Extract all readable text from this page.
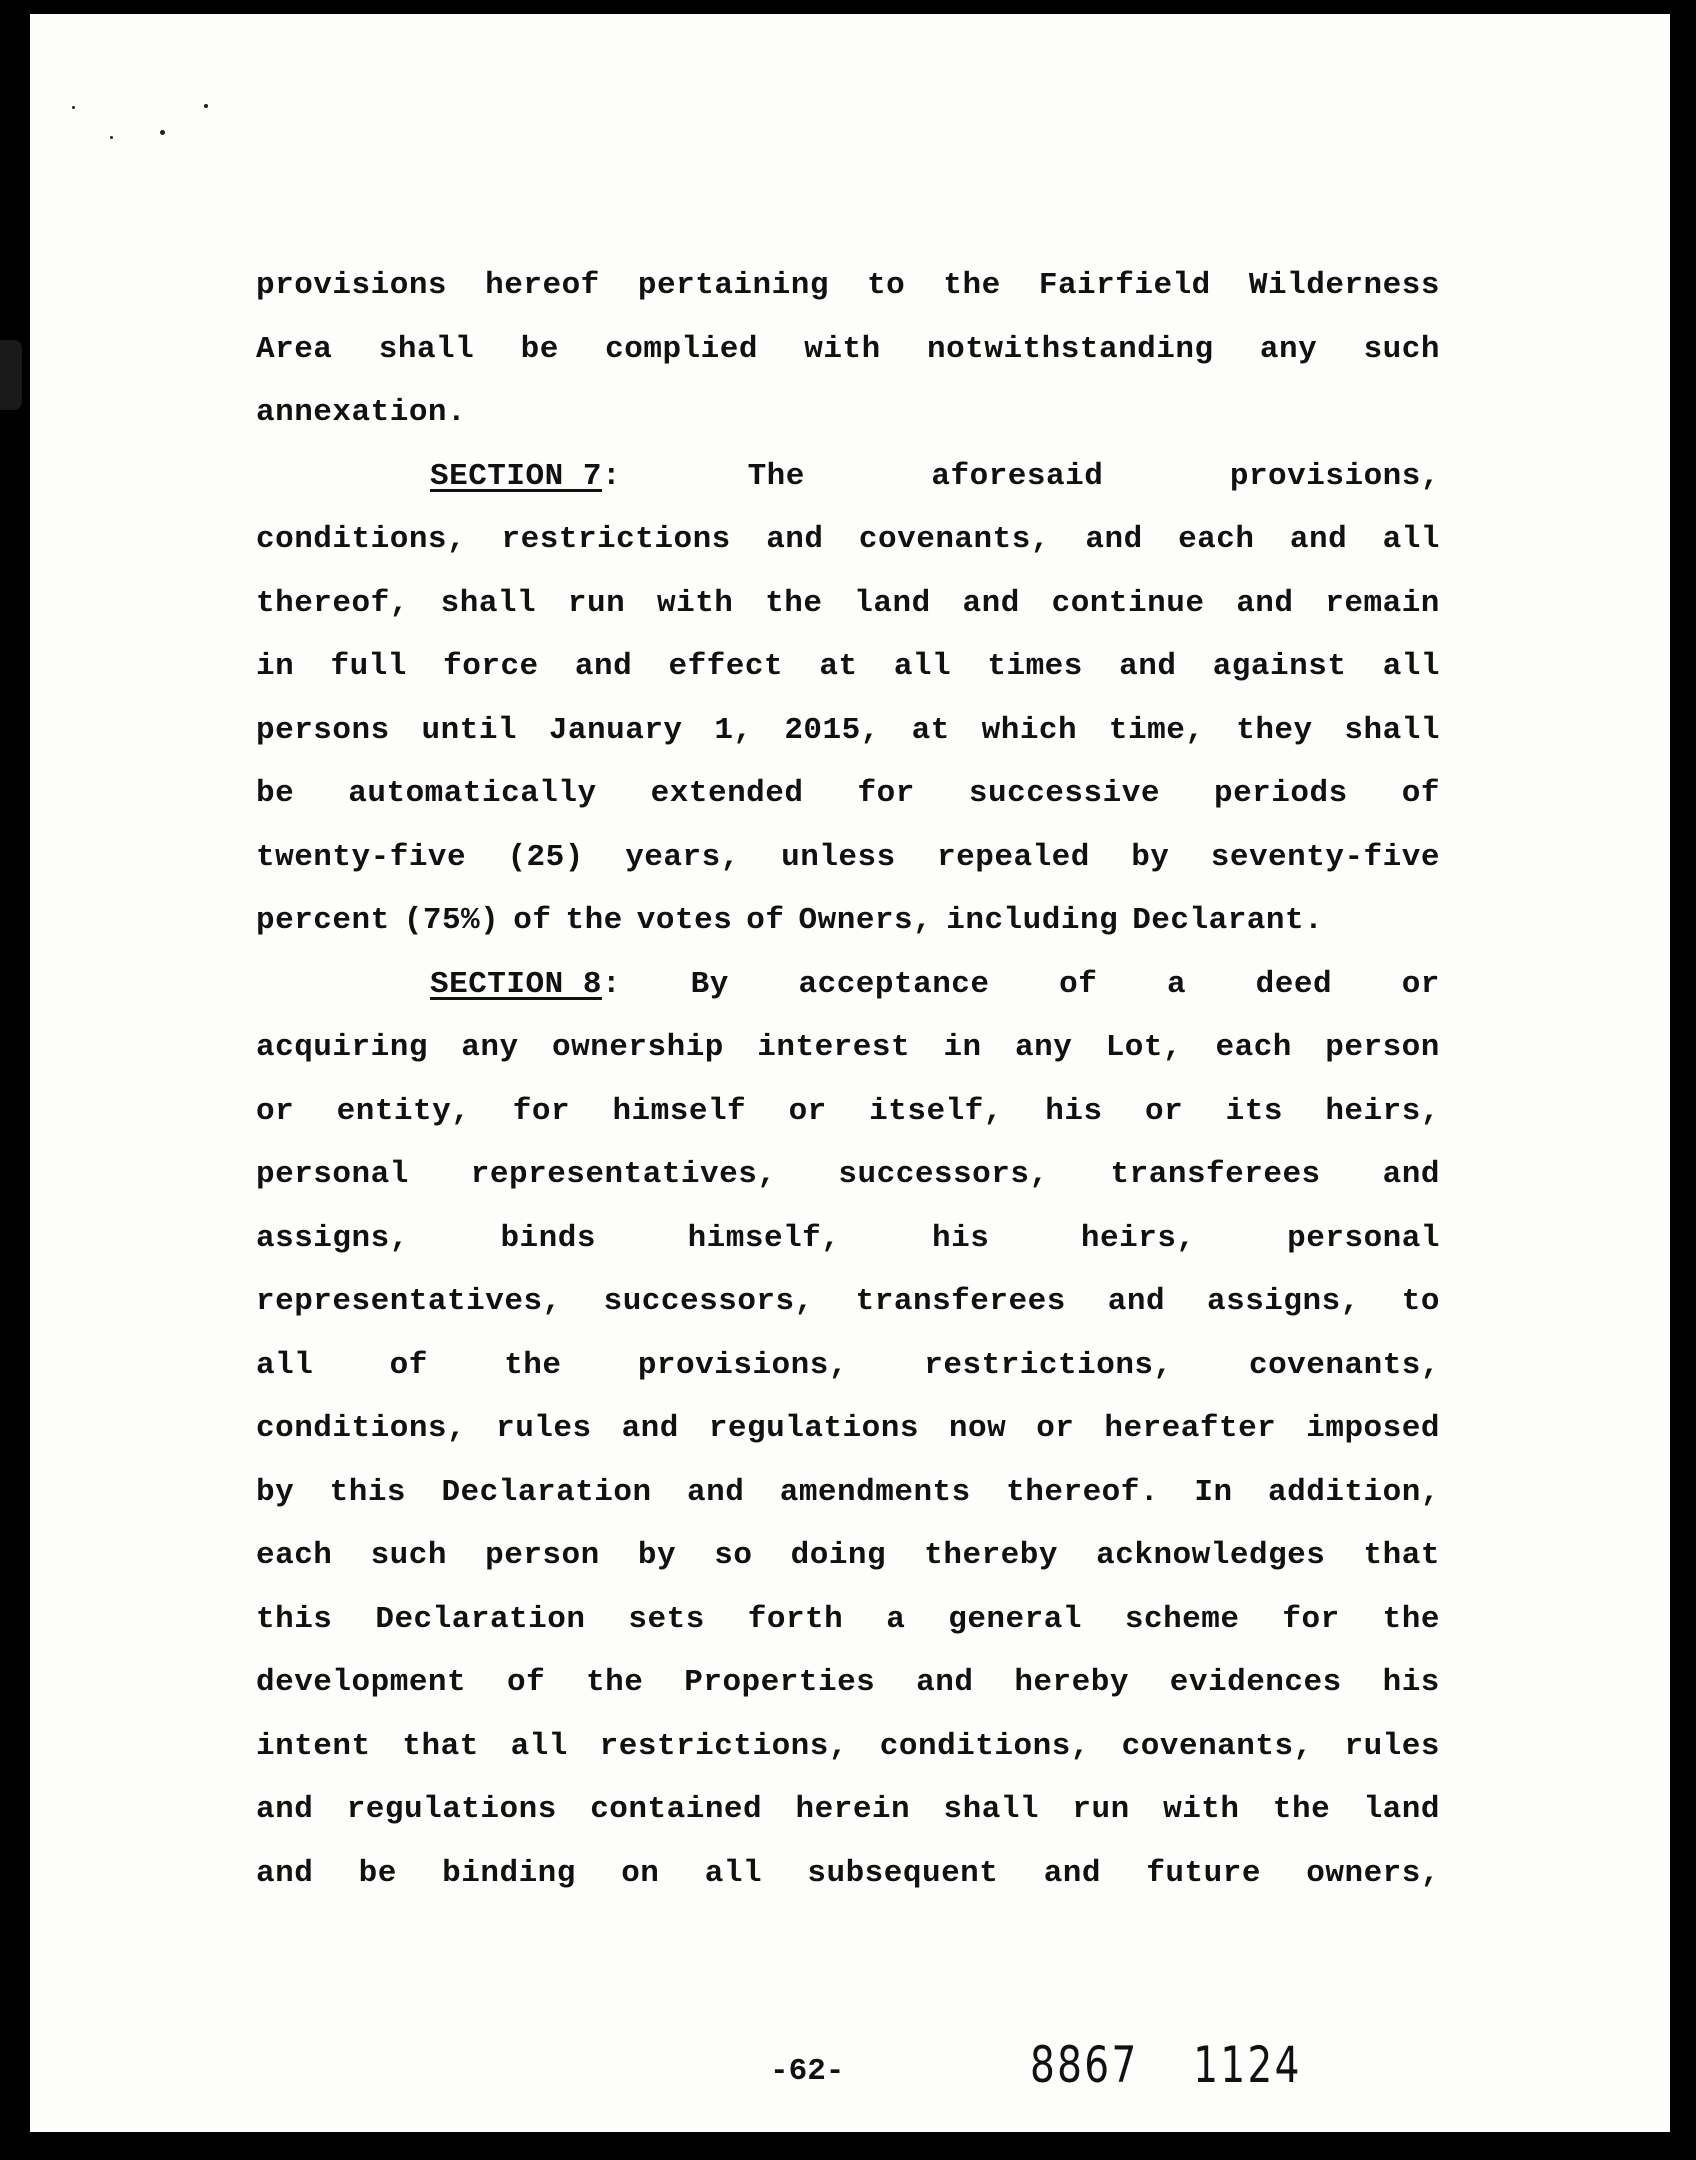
provisions hereof pertaining to the Fairfield Wilderness
Area shall be complied with notwithstanding any such
annexation.
SECTION 7:	The	aforesaid	provisions,
conditions, restrictions and covenants, and each and all
thereof, shall run with the land and continue and remain
in full force and effect at all times and against all
persons until January 1, 2015, at which time, they shall
be automatically extended for successive periods of
twenty-five (25) years, unless repealed by seventy-five
percent (75%) of the votes of Owners, including Declarant.
SECTION 8: By acceptance of a deed or
acquiring any ownership interest in any Lot, each person
or entity, for himself or itself, his or its heirs,
personal representatives, successors, transferees and
assigns,	binds	himself,	his	heirs,	personal
representatives, successors, transferees and assigns, to
all of the provisions, restrictions, covenants,
conditions, rules and regulations now or hereafter imposed
by this Declaration and amendments thereof. In addition,
each such person by so doing thereby acknowledges that
this Declaration sets forth a general scheme for the
development of the Properties and hereby evidences his
intent that all restrictions, conditions, covenants, rules
and regulations contained herein shall run with the land
and be binding on all subsequent and future owners,
-62-	8867 1124
